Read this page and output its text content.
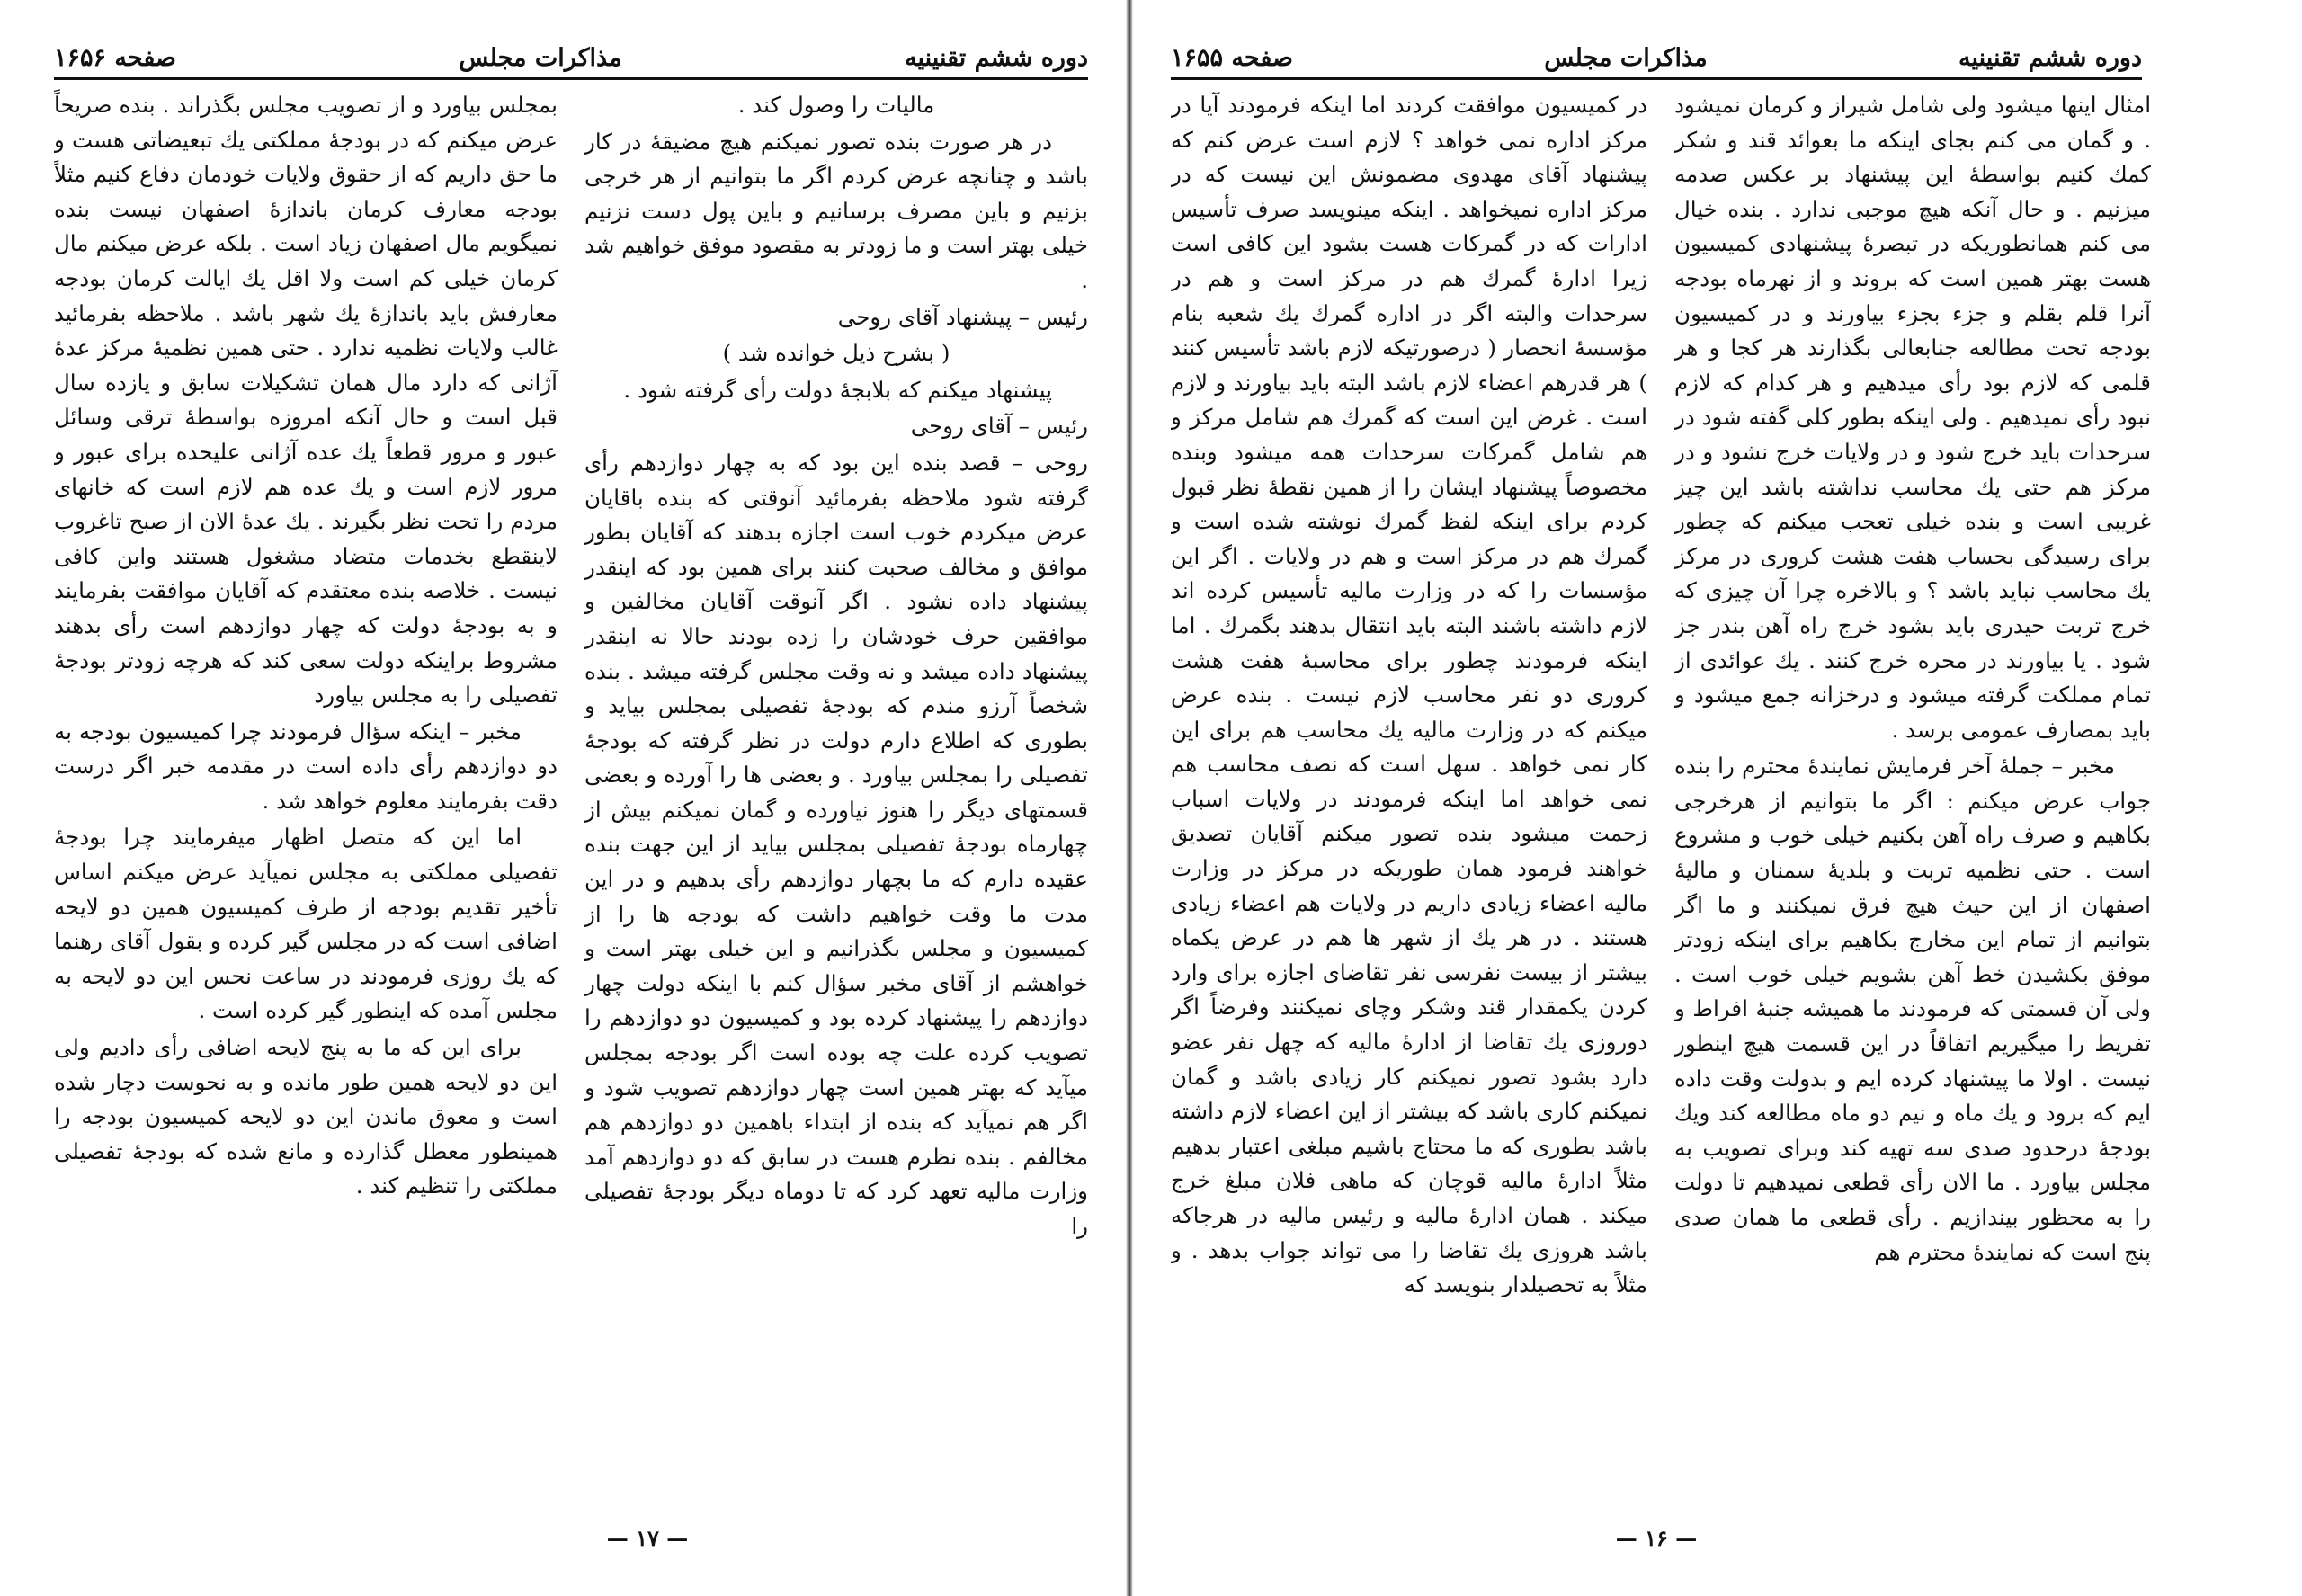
صفحه ۱۶۵۶	مذاکرات مجلس	دوره ششم تقنینیه

مالیات را وصول کند .

در هر صورت بنده تصور نمیکنم هیچ مضیقهٔ در کار باشد و چنانچه عرض کردم اگر ما بتوانیم از هر خرجی بزنیم و باین مصرف برسانیم و باین پول دست نزنیم خیلی بهتر است و ما زودتر به مقصود موفق خواهیم شد .

رئیس – پیشنهاد آقای روحی

( بشرح ذیل خوانده شد )

پیشنهاد میکنم که بلابجهٔ دولت رأی گرفته شود .

رئیس – آقای روحی

روحی – قصد بنده این بود که به چهار دوازدهم رأی گرفته شود ملاحظه بفرمائید آنوقتی که بنده باقایان عرض میکردم خوب است اجازه بدهند که آقایان بطور موافق و مخالف صحبت کنند برای همین بود که اینقدر پیشنهاد داده نشود . اگر آنوقت آقایان مخالفین و موافقین حرف خودشان را زده بودند حالا نه اینقدر پیشنهاد داده میشد و نه وقت مجلس گرفته میشد . بنده شخصاً آرزو مندم که بودجهٔ تفصیلی بمجلس بیاید و بطوری که اطلاع دارم دولت در نظر گرفته که بودجهٔ تفصیلی را بمجلس بیاورد . و بعضی ها را آورده و بعضی قسمتهای دیگر را هنوز نیاورده و گمان نمیکنم بیش از چهارماه بودجهٔ تفصیلی بمجلس بیاید از این جهت بنده عقیده دارم که ما بچهار دوازدهم رأی بدهیم و در این مدت ما وقت خواهیم داشت که بودجه ها را از کمیسیون و مجلس بگذرانیم و این خیلی بهتر است و خواهشم از آقای مخبر سؤال کنم با اینکه دولت چهار دوازدهم را پیشنهاد کرده بود و کمیسیون دو دوازدهم را تصویب کرده علت چه بوده است اگر بودجه بمجلس میآید که بهتر همین است چهار دوازدهم تصویب شود و اگر هم نمیآید که بنده از ابتداء باهمین دو دوازدهم هم مخالفم . بنده نظرم هست در سابق که دو دوازدهم آمد وزارت مالیه تعهد کرد که تا دوماه دیگر بودجهٔ تفصیلی را

بمجلس بیاورد و از تصویب مجلس بگذراند . بنده صریحاً عرض میکنم که در بودجهٔ مملکتی یك تبعیضاتی هست و ما حق داریم که از حقوق ولایات خودمان دفاع کنیم مثلاً بودجه معارف کرمان باندازهٔ اصفهان نیست بنده نمیگویم مال اصفهان زیاد است . بلکه عرض میکنم مال کرمان خیلی کم است ولا اقل یك ایالت کرمان بودجه معارفش باید باندازهٔ یك شهر باشد . ملاحظه بفرمائید غالب ولایات نظمیه ندارد . حتی همین نظمیهٔ مرکز عدهٔ آژانی که دارد مال همان تشکیلات سابق و یازده سال قبل است و حال آنکه امروزه بواسطهٔ ترقی وسائل عبور و مرور قطعاً یك عده آژانی علیحده برای عبور و مرور لازم است و یك عده هم لازم است که خانهای مردم را تحت نظر بگیرند . یك عدهٔ الان از صبح تاغروب لاینقطع بخدمات متضاد مشغول هستند واین کافی نیست . خلاصه بنده معتقدم که آقایان موافقت بفرمایند و به بودجهٔ دولت که چهار دوازدهم است رأی بدهند مشروط براینکه دولت سعی کند که هرچه زودتر بودجهٔ تفصیلی را به مجلس بیاورد

مخبر – اینکه سؤال فرمودند چرا کمیسیون بودجه به دو دوازدهم رأی داده است در مقدمه خبر اگر درست دقت بفرمایند معلوم خواهد شد .

اما این که متصل اظهار میفرمایند چرا بودجهٔ تفصیلی مملکتی به مجلس نمیآید عرض میکنم اساس تأخیر تقدیم بودجه از طرف کمیسیون همین دو لایحه اضافی است که در مجلس گیر کرده و بقول آقای رهنما که یك روزی فرمودند در ساعت نحس این دو لایحه به مجلس آمده که اینطور گیر کرده است .

برای این که ما به پنج لایحه اضافی رأی دادیم ولی این دو لایحه همین طور مانده و به نحوست دچار شده است و معوق ماندن این دو لایحه کمیسیون بودجه را همینطور معطل گذارده و مانع شده که بودجهٔ تفصیلی مملکتی را تنظیم کند .

— ۱۷ —
صفحه ۱۶۵۵	مذاکرات مجلس	دوره ششم تقنینیه

امثال اینها میشود ولی شامل شیراز و کرمان نمیشود . و گمان می کنم بجای اینکه ما بعوائد قند و شکر کمك کنیم بواسطهٔ این پیشنهاد بر عکس صدمه میزنیم . و حال آنکه هیچ موجبی ندارد . بنده خیال می کنم همانطوریکه در تبصرهٔ پیشنهادی کمیسیون هست بهتر همین است که بروند و از نهرماه بودجه آنرا قلم بقلم و جزء بجزء بیاورند و در کمیسیون بودجه تحت مطالعه جنابعالی بگذارند هر کجا و هر قلمی که لازم بود رأی میدهیم و هر کدام که لازم نبود رأی نمیدهیم . ولی اینکه بطور کلی گفته شود در سرحدات باید خرج شود و در ولایات خرج نشود و در مرکز هم حتی یك محاسب نداشته باشد این چیز غریبی است و بنده خیلی تعجب میکنم که چطور برای رسیدگی بحساب هفت هشت کروری در مرکز یك محاسب نباید باشد ؟ و بالاخره چرا آن چیزی که خرج تربت حیدری باید بشود خرج راه آهن بندر جز شود . یا بیاورند در محره خرج کنند . یك عوائدی از تمام مملکت گرفته میشود و درخزانه جمع میشود و باید بمصارف عمومی برسد .

مخبر – جملهٔ آخر فرمایش نمایندهٔ محترم را بنده جواب عرض میکنم : اگر ما بتوانیم از هرخرجی بکاهیم و صرف راه آهن بکنیم خیلی خوب و مشروع است . حتی نظمیه تربت و بلدیهٔ سمنان و مالیهٔ اصفهان از این حیث هیچ فرق نمیکنند و ما اگر بتوانیم از تمام این مخارج بکاهیم برای اینکه زودتر موفق بکشیدن خط آهن بشویم خیلی خوب است . ولی آن قسمتی که فرمودند ما همیشه جنبهٔ افراط و تفریط را میگیریم اتفاقاً در این قسمت هیچ اینطور نیست . اولا ما پیشنهاد کرده ایم و بدولت وقت داده ایم که برود و یك ماه و نیم دو ماه مطالعه کند ویك بودجهٔ درحدود صدی سه تهیه کند وبرای تصویب به مجلس بیاورد . ما الان رأی قطعی نمیدهیم تا دولت را به محظور بیندازیم . رأی قطعی ما همان صدی پنج است که نمایندهٔ محترم هم

در کمیسیون موافقت کردند اما اینکه فرمودند آیا در مرکز اداره نمی خواهد ؟ لازم است عرض کنم که پیشنهاد آقای مهدوی مضمونش این نیست که در مرکز اداره نمیخواهد . اینکه مینویسد صرف تأسیس ادارات که در گمرکات هست بشود این کافی است زیرا ادارهٔ گمرك هم در مرکز است و هم در سرحدات والبته اگر در اداره گمرك یك شعبه بنام مؤسسهٔ انحصار ( درصورتیکه لازم باشد تأسیس کنند ) هر قدرهم اعضاء لازم باشد البته باید بیاورند و لازم است . غرض این است که گمرك هم شامل مرکز و هم شامل گمرکات سرحدات همه میشود وبنده مخصوصاً پیشنهاد ایشان را از همین نقطهٔ نظر قبول کردم برای اینکه لفظ گمرك نوشته شده است و گمرك هم در مرکز است و هم در ولایات . اگر این مؤسسات را که در وزارت مالیه تأسیس کرده اند لازم داشته باشند البته باید انتقال بدهند بگمرك . اما اینکه فرمودند چطور برای محاسبهٔ هفت هشت کروری دو نفر محاسب لازم نیست . بنده عرض میکنم که در وزارت مالیه یك محاسب هم برای این کار نمی خواهد . سهل است که نصف محاسب هم نمی خواهد اما اینکه فرمودند در ولایات اسباب زحمت میشود بنده تصور میکنم آقایان تصدیق خواهند فرمود همان طوریکه در مرکز در وزارت مالیه اعضاء زیادی داریم در ولایات هم اعضاء زیادی هستند . در هر یك از شهر ها هم در عرض یکماه بیشتر از بیست نفرسی نفر تقاضای اجازه برای وارد کردن یکمقدار قند وشکر وچای نمیکنند وفرضاً اگر دوروزی یك تقاضا از ادارهٔ مالیه که چهل نفر عضو دارد بشود تصور نمیکنم کار زیادی باشد و گمان نمیکنم کاری باشد که بیشتر از این اعضاء لازم داشته باشد بطوری که ما محتاج باشیم مبلغی اعتبار بدهیم مثلاً ادارهٔ مالیه قوچان که ماهی فلان مبلغ خرج میکند . همان ادارهٔ مالیه و رئیس مالیه در هرجاکه باشد هروزی یك تقاضا را می تواند جواب بدهد . و مثلاً به تحصیلدار بنویسد که

— ۱۶ —
